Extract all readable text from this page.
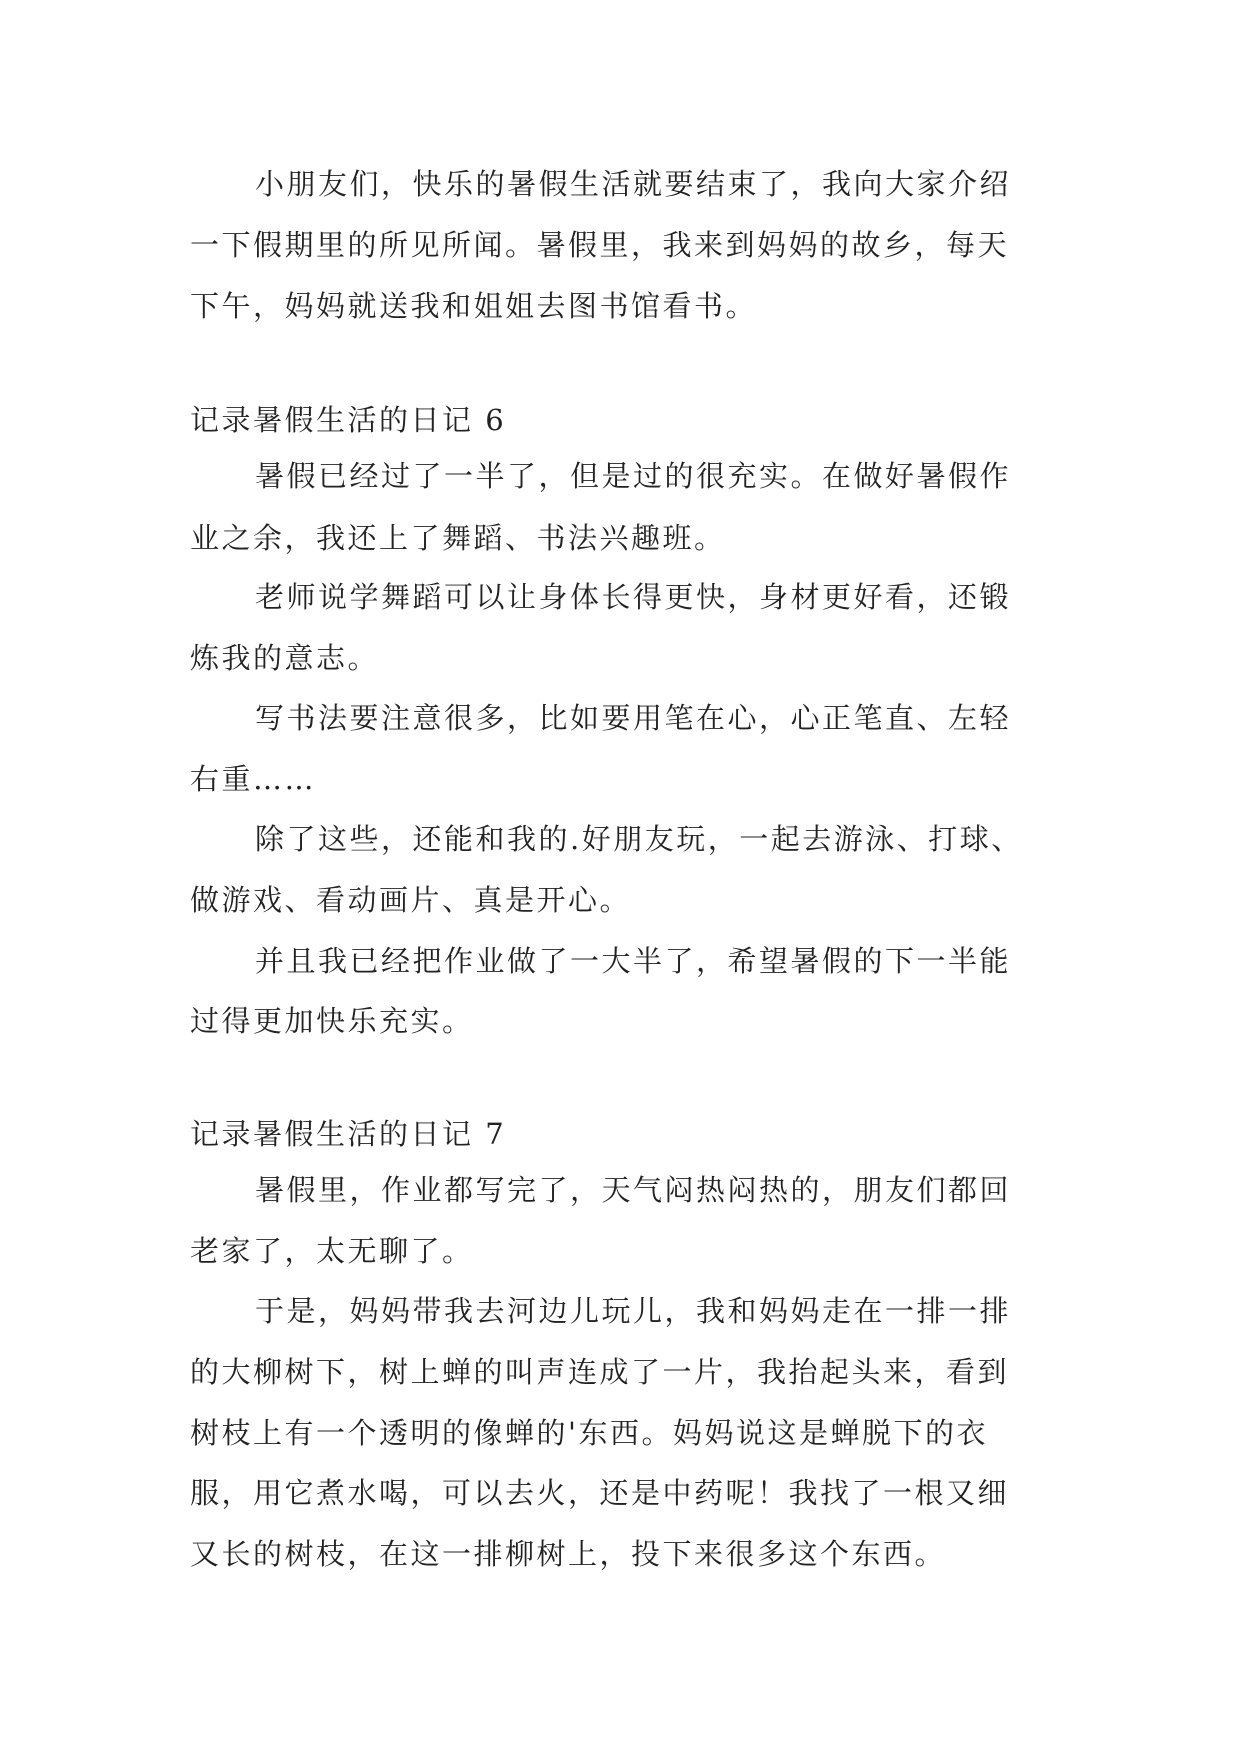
小朋友们，快乐的暑假生活就要结束了，我向大家介绍
一下假期里的所见所闻。暑假里，我来到妈妈的故乡，每天
下午，妈妈就送我和姐姐去图书馆看书。
记录暑假生活的日记 6
暑假已经过了一半了，但是过的很充实。在做好暑假作
业之余，我还上了舞蹈、书法兴趣班。
老师说学舞蹈可以让身体长得更快，身材更好看，还锻
炼我的意志。
写书法要注意很多，比如要用笔在心，心正笔直、左轻
右重……
除了这些，还能和我的.好朋友玩，一起去游泳、打球、
做游戏、看动画片、真是开心。
并且我已经把作业做了一大半了，希望暑假的下一半能
过得更加快乐充实。
记录暑假生活的日记 7
暑假里，作业都写完了，天气闷热闷热的，朋友们都回
老家了，太无聊了。
于是，妈妈带我去河边儿玩儿，我和妈妈走在一排一排
的大柳树下，树上蝉的叫声连成了一片，我抬起头来，看到
树枝上有一个透明的像蝉的'东西。妈妈说这是蝉脱下的衣
服，用它煮水喝，可以去火，还是中药呢！我找了一根又细
又长的树枝，在这一排柳树上，投下来很多这个东西。
